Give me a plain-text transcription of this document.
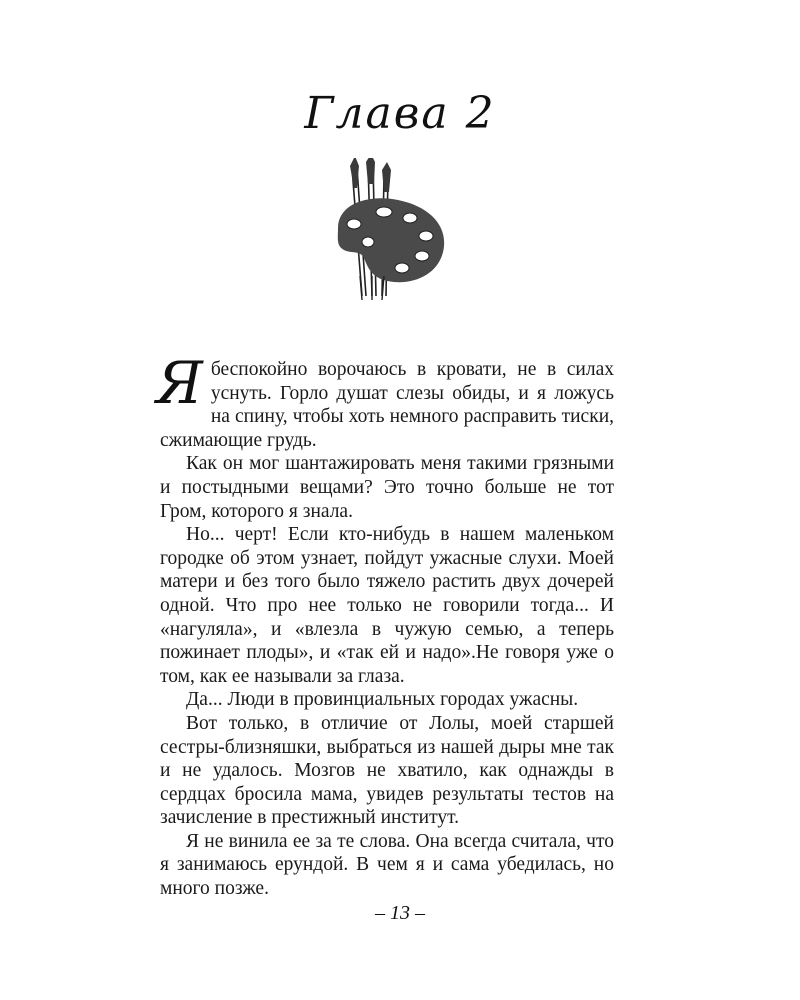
Глава 2

Я беспокойно ворочаюсь в кровати, не в силах уснуть. Горло душат слезы обиды, и я ложусь на спину, чтобы хоть немного расправить тиски, сжимающие грудь.

Как он мог шантажировать меня такими грязными и постыдными вещами? Это точно больше не тот Гром, которого я знала.

Но... черт! Если кто-нибудь в нашем маленьком городке об этом узнает, пойдут ужасные слухи. Моей матери и без того было тяжело растить двух дочерей одной. Что про нее только не говорили тогда... И «нагуляла», и «влезла в чужую семью, а теперь пожинает плоды», и «так ей и надо».Не говоря уже о том, как ее называли за глаза.

Да... Люди в провинциальных городах ужасны.

Вот только, в отличие от Лолы, моей старшей сестры-близняшки, выбраться из нашей дыры мне так и не удалось. Мозгов не хватило, как однажды в сердцах бросила мама, увидев результаты тестов на зачисление в престижный институт.

Я не винила ее за те слова. Она всегда считала, что я занимаюсь ерундой. В чем я и сама убедилась, но много позже.

– 13 –
